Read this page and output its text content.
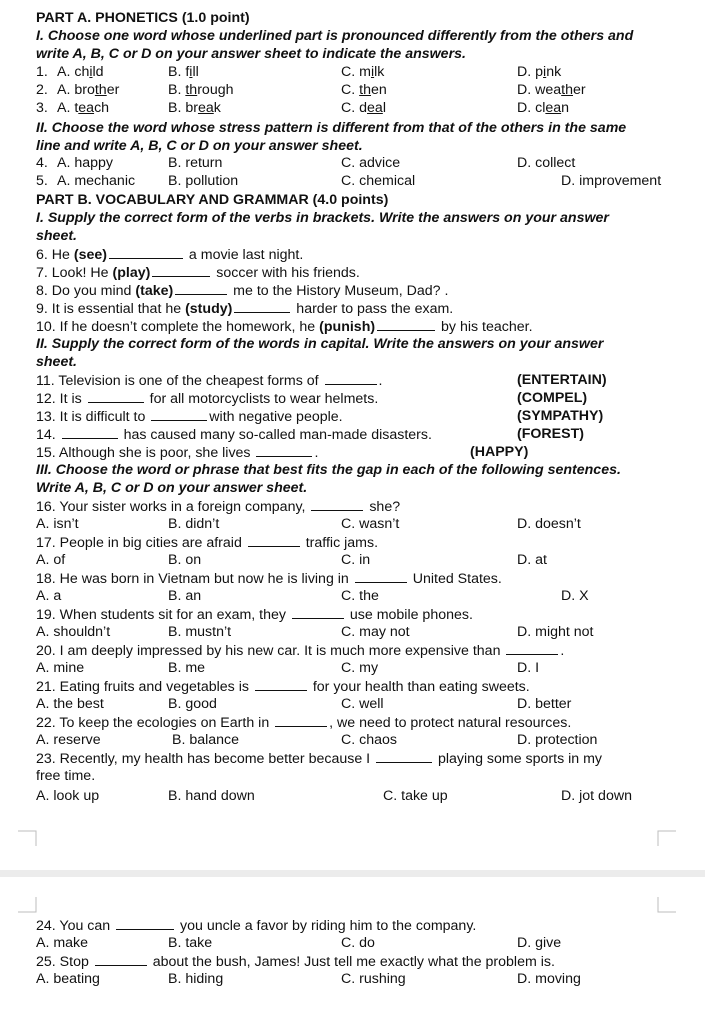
PART A. PHONETICS (1.0 point)
I. Choose one word whose underlined part is pronounced differently from the others and
write A, B, C or D on your answer sheet to indicate the answers.
1. A. child	B. fill	C. milk	D. pink
2. A. brother	B. through	C. then	D. weather
3. A. teach	B. break	C. deal	D. clean
II. Choose the word whose stress pattern is different from that of the others in the same
line and write A, B, C or D on your answer sheet.
4. A. happy	B. return	C. advice	D. collect
5. A. mechanic B. pollution	C. chemical	D. improvement
PART B. VOCABULARY AND GRAMMAR (4.0 points)
I. Supply the correct form of the verbs in brackets. Write the answers on your answer
sheet.
6. He (see)	a movie last night.
7. Look! He (play)	soccer with his friends.
8. Do you mind (take)	me to the History Museum, Dad? .
9. It is essential that he (study)	harder to pass the exam.
10. If he doesn’t complete the homework, he (punish)	by his teacher.
II. Supply the correct form of the words in capital. Write the answers on your answer
sheet.
11. Television is one of the cheapest forms of	.	(ENTERTAIN)
12. It is	for all motorcyclists to wear helmets.	(COMPEL)
13. It is difficult to	with negative people.	(SYMPATHY)
14.	has caused many so-called man-made disasters.	(FOREST)
15. Although she is poor, she lives	.	(HAPPY)
III. Choose the word or phrase that best fits the gap in each of the following sentences.
Write A, B, C or D on your answer sheet.
16. Your sister works in a foreign company,	she?
A. isn’t	B. didn’t	C. wasn’t	D. doesn’t
17. People in big cities are afraid	traffic jams.
A. of	B. on	C. in	D. at
18. He was born in Vietnam but now he is living in	United States.
A. a	B. an	C. the	D. X
19. When students sit for an exam, they	use mobile phones.
A. shouldn’t	B. mustn’t	C. may not	D. might not
20. I am deeply impressed by his new car. It is much more expensive than	.
A. mine	B. me	C. my	D. I
21. Eating fruits and vegetables is	for your health than eating sweets.
A. the best	B. good	C. well	D. better
22. To keep the ecologies on Earth in	, we need to protect natural resources.
A. reserve	B. balance	C. chaos	D. protection
23. Recently, my health has become better because I	playing some sports in my
free time.
A. look up	B. hand down	C. take up	D. jot down
24. You can	you uncle a favor by riding him to the company.
A. make	B. take	C. do	D. give
25. Stop	about the bush, James! Just tell me exactly what the problem is.
A. beating	B. hiding	C. rushing	D. moving
